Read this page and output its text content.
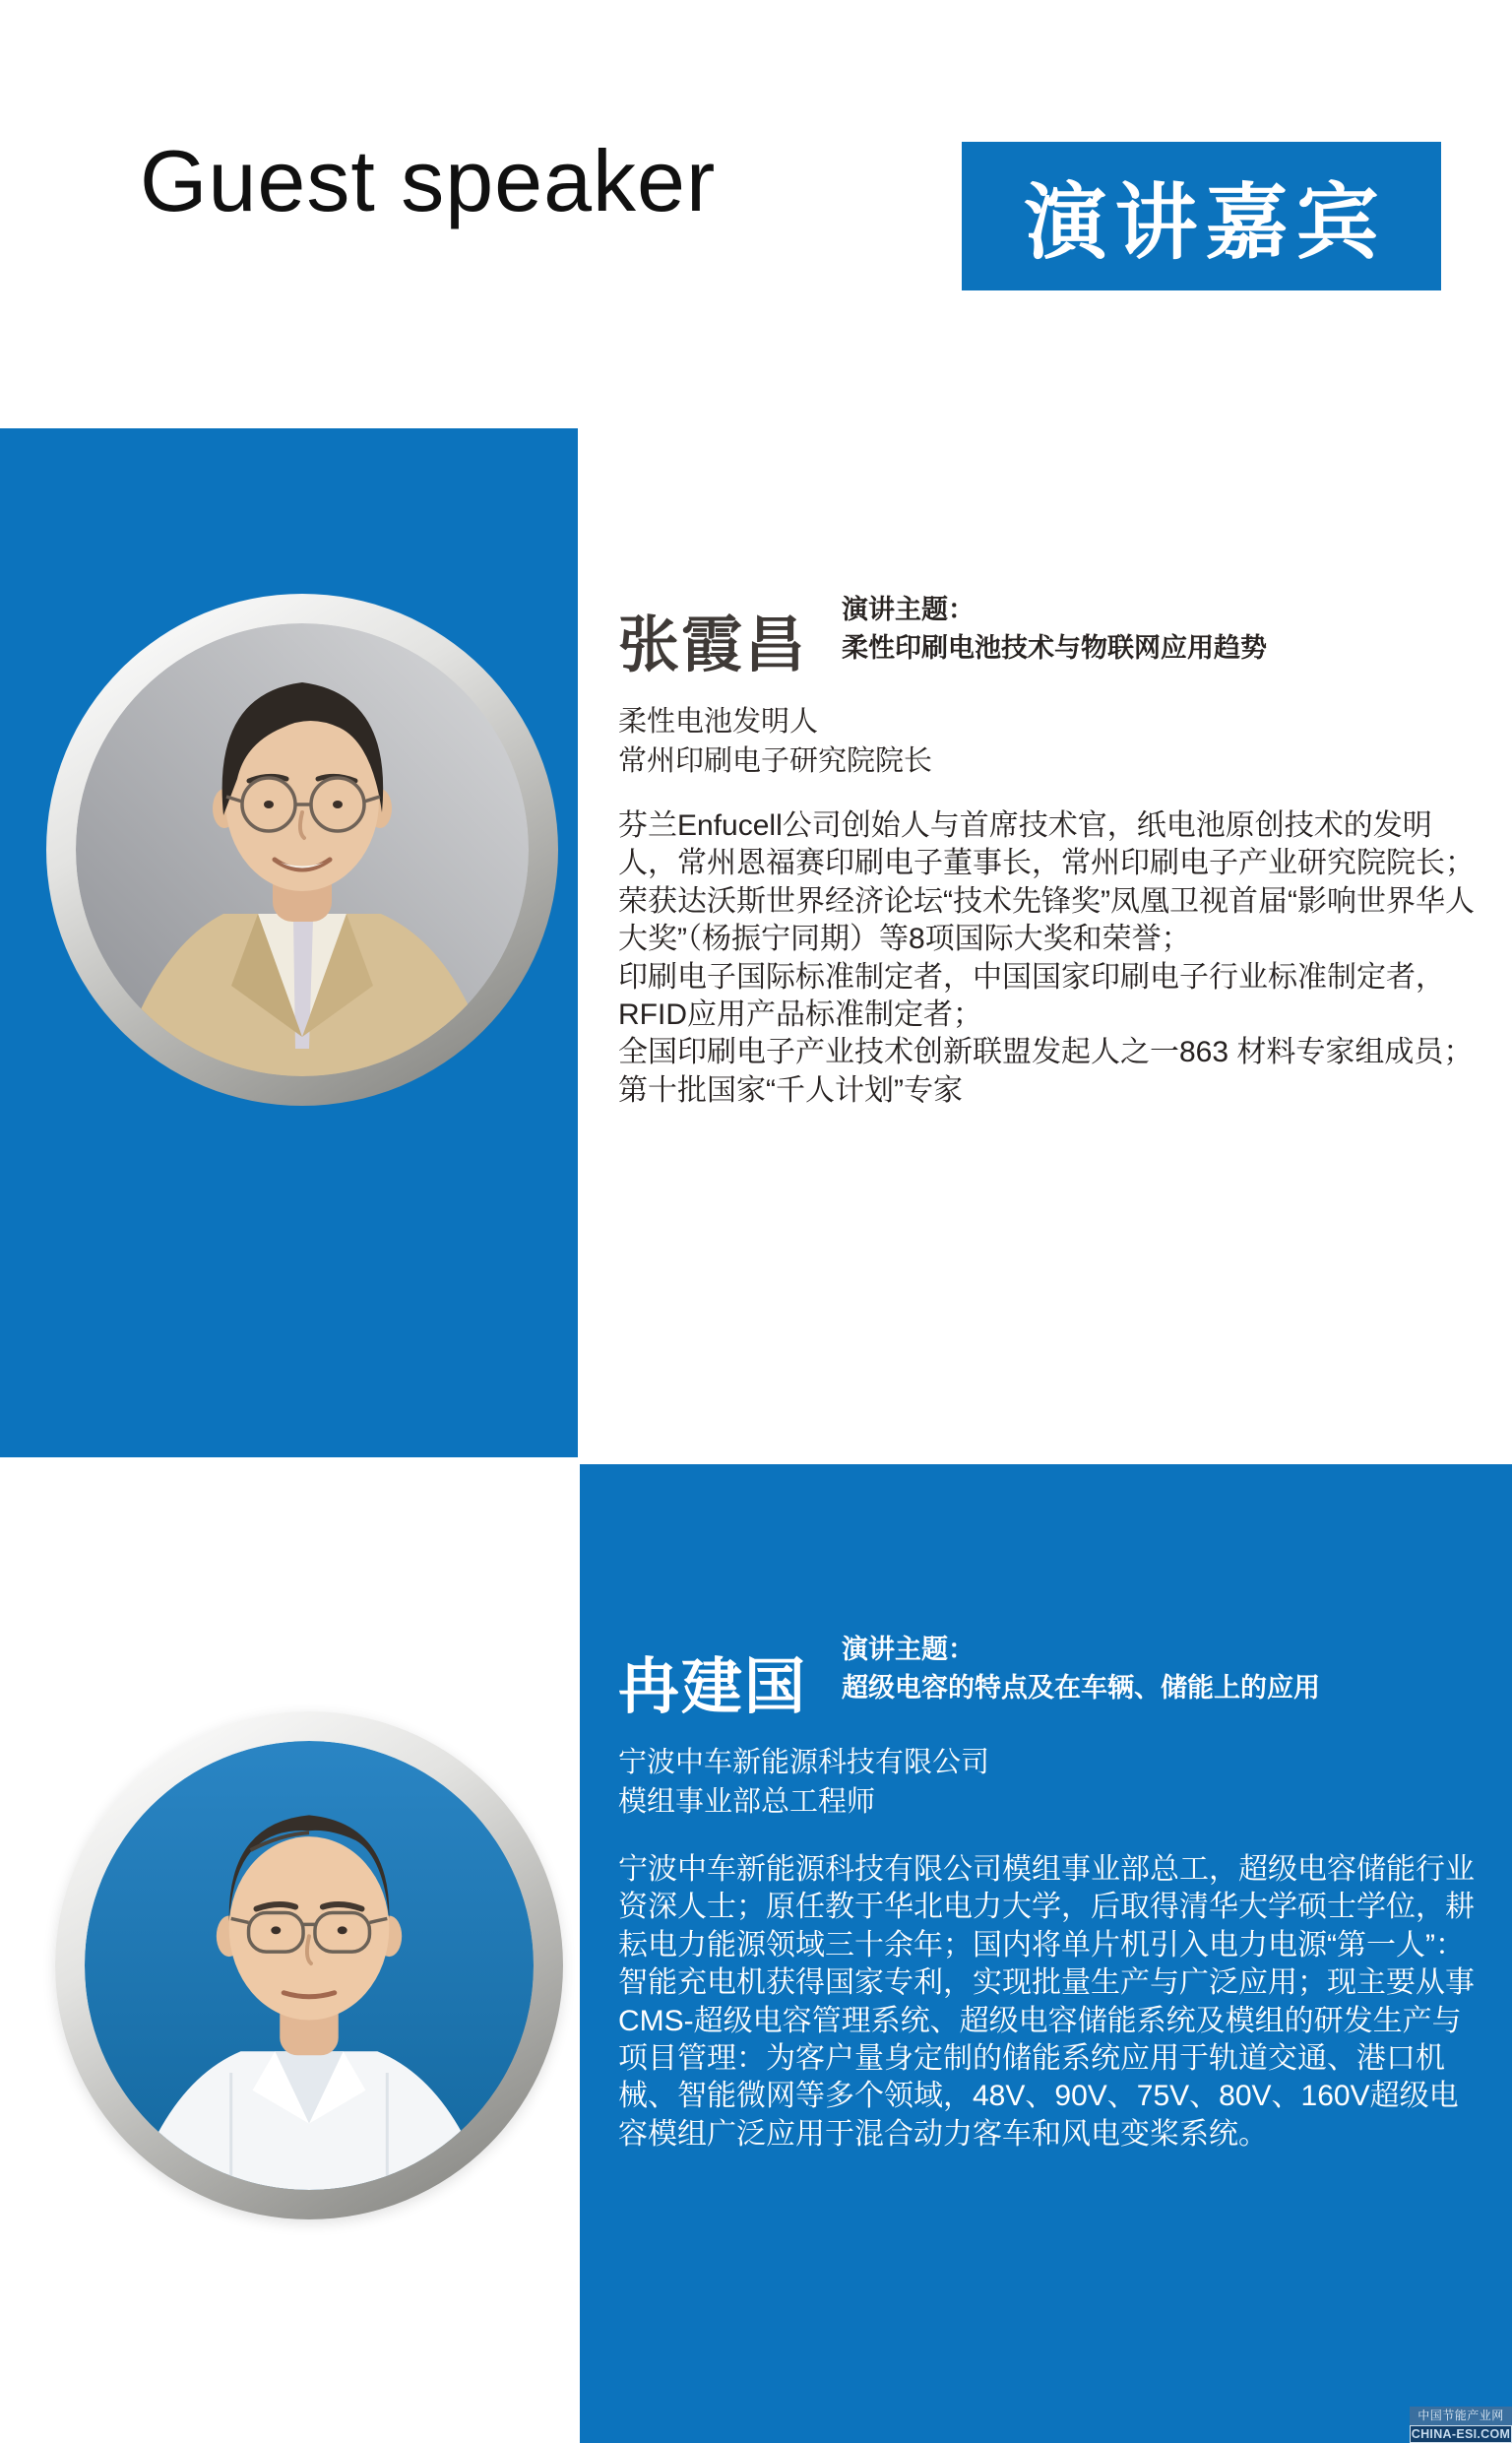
Guest speaker	演讲嘉宾
张霞昌
演讲主题：
柔性印刷电池技术与物联网应用趋势
柔性电池发明人
常州印刷电子研究院院长
芬兰Enfucell公司创始人与首席技术官，纸电池原创技术的发明人，常州恩福赛印刷电子董事长，常州印刷电子产业研究院院长；
荣获达沃斯世界经济论坛“技术先锋奖”凤凰卫视首届“影响世界华人大奖”（杨振宁同期）等8项国际大奖和荣誉；
印刷电子国际标准制定者，中国国家印刷电子行业标准制定者，RFID应用产品标准制定者；
全国印刷电子产业技术创新联盟发起人之一863 材料专家组成员；
第十批国家“千人计划”专家
冉建国
演讲主题：
超级电容的特点及在车辆、储能上的应用
宁波中车新能源科技有限公司
模组事业部总工程师
宁波中车新能源科技有限公司模组事业部总工，超级电容储能行业资深人士；原任教于华北电力大学，后取得清华大学硕士学位，耕耘电力能源领域三十余年；国内将单片机引入电力电源“第一人”：智能充电机获得国家专利，实现批量生产与广泛应用；现主要从事CMS-超级电容管理系统、超级电容储能系统及模组的研发生产与项目管理：为客户量身定制的储能系统应用于轨道交通、港口机械、智能微网等多个领域，48V、90V、75V、80V、160V超级电容模组广泛应用于混合动力客车和风电变桨系统。
中国节能产业网
CHINA-ESI.COM
